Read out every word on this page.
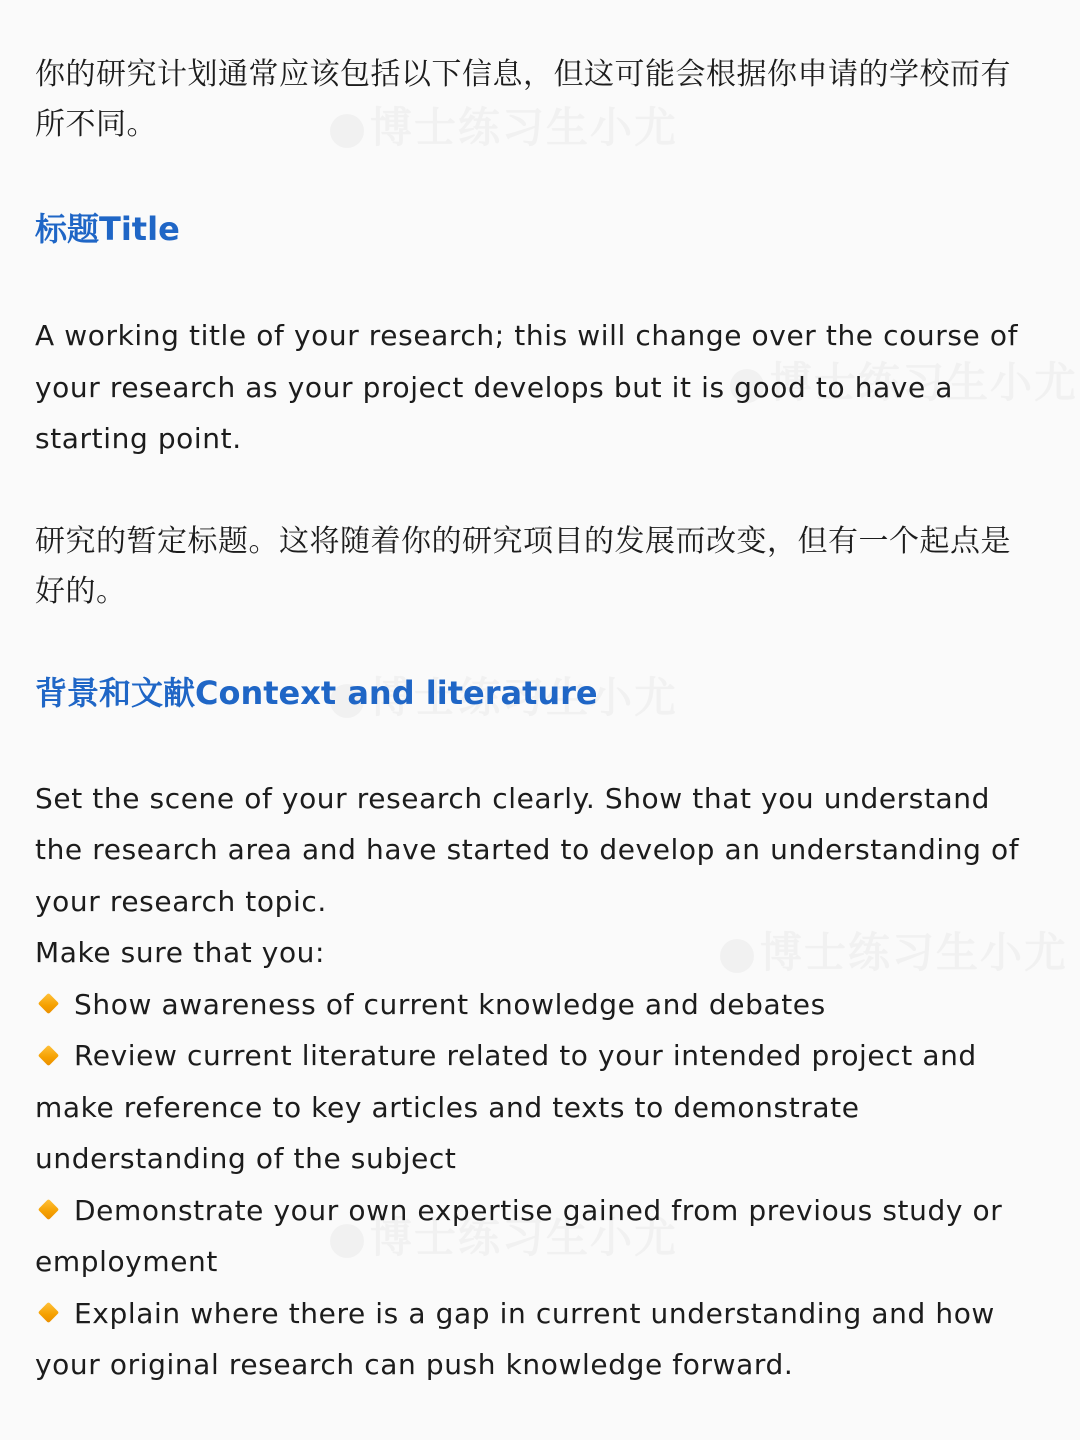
你的研究计划通常应该包括以下信息，但这可能会根据你申请的学校而有所不同。

标题Title

A working title of your research; this will change over the course of your research as your project develops but it is good to have a starting point.

研究的暂定标题。这将随着你的研究项目的发展而改变，但有一个起点是好的。

背景和文献Context and literature

Set the scene of your research clearly. Show that you understand the research area and have started to develop an understanding of your research topic.

Make sure that you:

Show awareness of current knowledge and debates

Review current literature related to your intended project and make reference to key articles and texts to demonstrate understanding of the subject

Demonstrate your own expertise gained from previous study or employment

Explain where there is a gap in current understanding and how your original research can push knowledge forward.
